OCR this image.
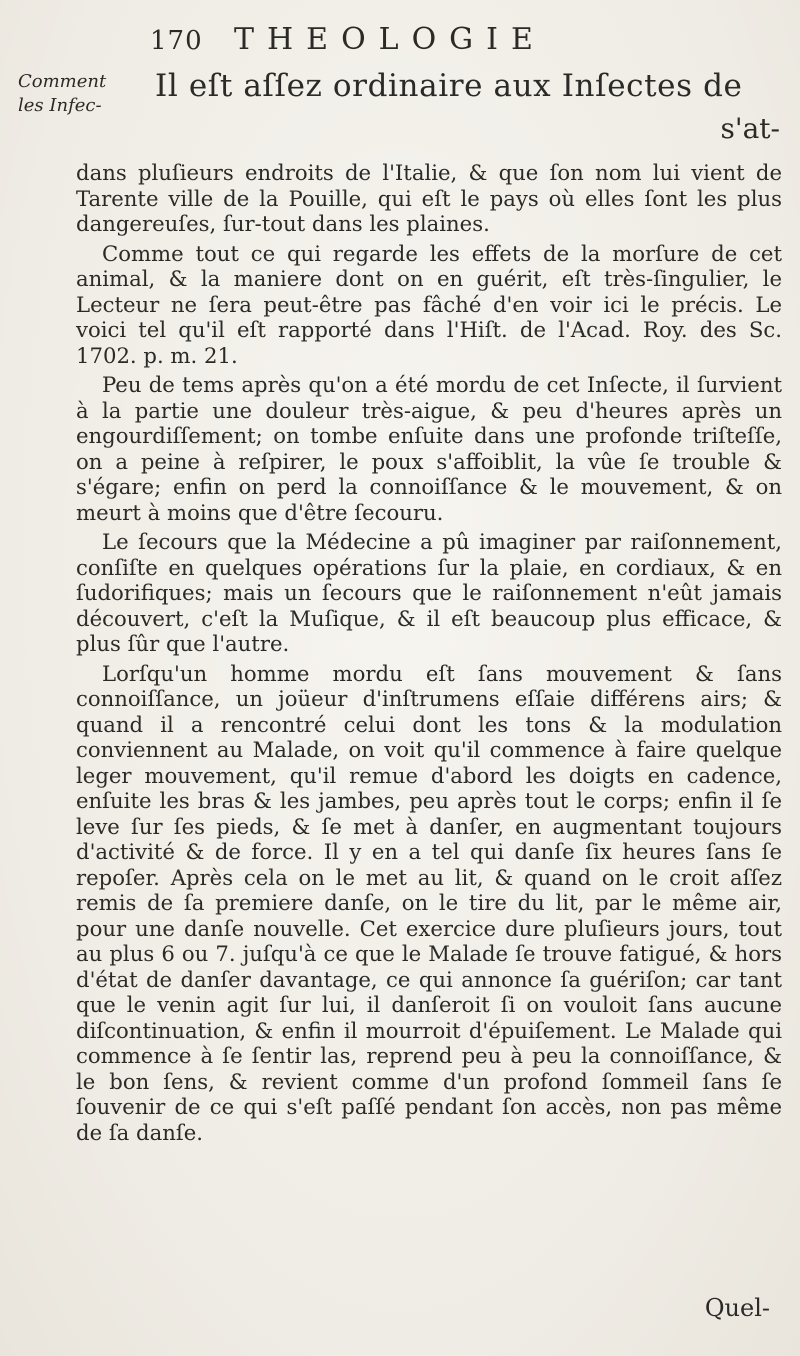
170 THEOLOGIE
Comment
les Infec-
Il eſt aſſez ordinaire aux Inſectes de
s'at-

dans pluſieurs endroits de l'Italie, & que ſon nom lui vient de Tarente ville de la Pouille, qui eſt le pays où elles ſont les plus dangereuſes, ſur-tout dans les plaines.

Comme tout ce qui regarde les effets de la morſure de cet animal, & la maniere dont on en guérit, eſt très-ſingulier, le Lecteur ne ſera peut-être pas fâché d'en voir ici le précis. Le voici tel qu'il eſt rapporté dans l'Hiſt. de l'Acad. Roy. des Sc. 1702. p. m. 21.

Peu de tems après qu'on a été mordu de cet Inſecte, il ſurvient à la partie une douleur très-aigue, & peu d'heures après un engourdiſſement; on tombe enſuite dans une profonde triſteſſe, on a peine à reſpirer, le poux s'affoiblit, la vûe ſe trouble & s'égare; enfin on perd la connoiſſance & le mouvement, & on meurt à moins que d'être ſecouru.

Le ſecours que la Médecine a pû imaginer par raiſonnement, conſiſte en quelques opérations ſur la plaie, en cordiaux, & en ſudorifiques; mais un ſecours que le raiſonnement n'eût jamais découvert, c'eſt la Muſique, & il eſt beaucoup plus efficace, & plus ſûr que l'autre.

Lorſqu'un homme mordu eſt ſans mouvement & ſans connoiſſance, un joüeur d'inſtrumens eſſaie différens airs; & quand il a rencontré celui dont les tons & la modulation conviennent au Malade, on voit qu'il commence à faire quelque leger mouvement, qu'il remue d'abord les doigts en cadence, enſuite les bras & les jambes, peu après tout le corps; enfin il ſe leve ſur ſes pieds, & ſe met à danſer, en augmentant toujours d'activité & de force. Il y en a tel qui danſe ſix heures ſans ſe repoſer. Après cela on le met au lit, & quand on le croit aſſez remis de ſa premiere danſe, on le tire du lit, par le même air, pour une danſe nouvelle. Cet exercice dure pluſieurs jours, tout au plus 6 ou 7. juſqu'à ce que le Malade ſe trouve fatigué, & hors d'état de danſer davantage, ce qui annonce ſa guériſon; car tant que le venin agit ſur lui, il danſeroit ſi on vouloit ſans aucune diſcontinuation, & enfin il mourroit d'épuiſement. Le Malade qui commence à ſe ſentir las, reprend peu à peu la connoiſſance, & le bon ſens, & revient comme d'un profond ſommeil ſans ſe ſouvenir de ce qui s'eſt paſſé pendant ſon accès, non pas même de ſa danſe.

Quel-
